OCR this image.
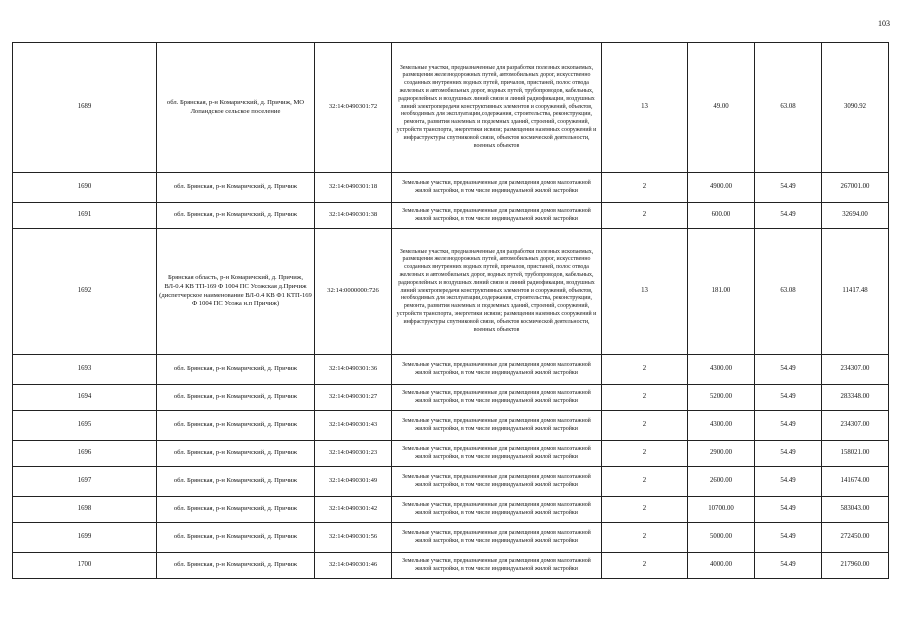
103
1689	обл. Брянская, р-н Комаричский, д. Причиж, МО Лопандское сельское поселение	32:14:0490301:72	Земельные участки, предназначенные для разработки полезных ископаемых, размещения железнодорожных путей, автомобильных дорог, искусственно созданных внутренних водных путей, причалов, пристаней, полос отвода железных и автомобильных дорог, водных путей, трубопроводов, кабельных, радиорелейных и воздушных линий связи и линий радиофикации, воздушных линий электропередачи конструктивных элементов и сооружений, объектов, необходимых для эксплуатации,содержания, строительства, реконструкции, ремонта, развития наземных и подземных зданий, строений, сооружений, устройств транспорта, энергетики исвязи; размещения наземных сооружений и инфраструктуры спутниковой связи, объектов космической деятельности, военных объектов	13	49.00	63.08	3090.92
1690	обл. Брянская, р-н Комаричский, д. Причиж	32:14:0490301:18	Земельные участки, предназначенные для размещения домов малоэтажной жилой застройки, в том числе индивидуальной жилой застройки	2	4900.00	54.49	267001.00
1691	обл. Брянская, р-н Комаричский, д. Причиж	32:14:0490301:38	Земельные участки, предназначенные для размещения домов малоэтажной жилой застройки, в том числе индивидуальной жилой застройки	2	600.00	54.49	32694.00
1692	Брянская область, р-н Комаричский, д. Причиж, ВЛ-0.4 КВ ТП-169 Ф 1004 ПС Усожская д.Причиж (диспетчерское наименование ВЛ-0.4 КВ Ф1 КТП-169 Ф 1004 ПС Усожа н.п Причиж)	32:14:0000000:726	Земельные участки, предназначенные для разработки полезных ископаемых, размещения железнодорожных путей, автомобильных дорог, искусственно созданных внутренних водных путей, причалов, пристаней, полос отвода железных и автомобильных дорог, водных путей, трубопроводов, кабельных, радиорелейных и воздушных линий связи и линий радиофикации, воздушных линий электропередачи конструктивных элементов и сооружений, объектов, необходимых для эксплуатации,содержания, строительства, реконструкции, ремонта, развития наземных и подземных зданий, строений, сооружений, устройств транспорта, энергетики исвязи; размещения наземных сооружений и инфраструктуры спутниковой связи, объектов космической деятельности, военных объектов	13	181.00	63.08	11417.48
1693	обл. Брянская, р-н Комаричский, д. Причиж	32:14:0490301:36	Земельные участки, предназначенные для размещения домов малоэтажной жилой застройки, в том числе индивидуальной жилой застройки	2	4300.00	54.49	234307.00
1694	обл. Брянская, р-н Комаричский, д. Причиж	32:14:0490301:27	Земельные участки, предназначенные для размещения домов малоэтажной жилой застройки, в том числе индивидуальной жилой застройки	2	5200.00	54.49	283348.00
1695	обл. Брянская, р-н Комаричский, д. Причиж	32:14:0490301:43	Земельные участки, предназначенные для размещения домов малоэтажной жилой застройки, в том числе индивидуальной жилой застройки	2	4300.00	54.49	234307.00
1696	обл. Брянская, р-н Комаричский, д. Причиж	32:14:0490301:23	Земельные участки, предназначенные для размещения домов малоэтажной жилой застройки, в том числе индивидуальной жилой застройки	2	2900.00	54.49	158021.00
1697	обл. Брянская, р-н Комаричский, д. Причиж	32:14:0490301:49	Земельные участки, предназначенные для размещения домов малоэтажной жилой застройки, в том числе индивидуальной жилой застройки	2	2600.00	54.49	141674.00
1698	обл. Брянская, р-н Комаричский, д. Причиж	32:14:0490301:42	Земельные участки, предназначенные для размещения домов малоэтажной жилой застройки, в том числе индивидуальной жилой застройки	2	10700.00	54.49	583043.00
1699	обл. Брянская, р-н Комаричский, д. Причиж	32:14:0490301:56	Земельные участки, предназначенные для размещения домов малоэтажной жилой застройки, в том числе индивидуальной жилой застройки	2	5000.00	54.49	272450.00
1700	обл. Брянская, р-н Комаричский, д. Причиж	32:14:0490301:46	Земельные участки, предназначенные для размещения домов малоэтажной жилой застройки, в том числе индивидуальной жилой застройки	2	4000.00	54.49	217960.00
